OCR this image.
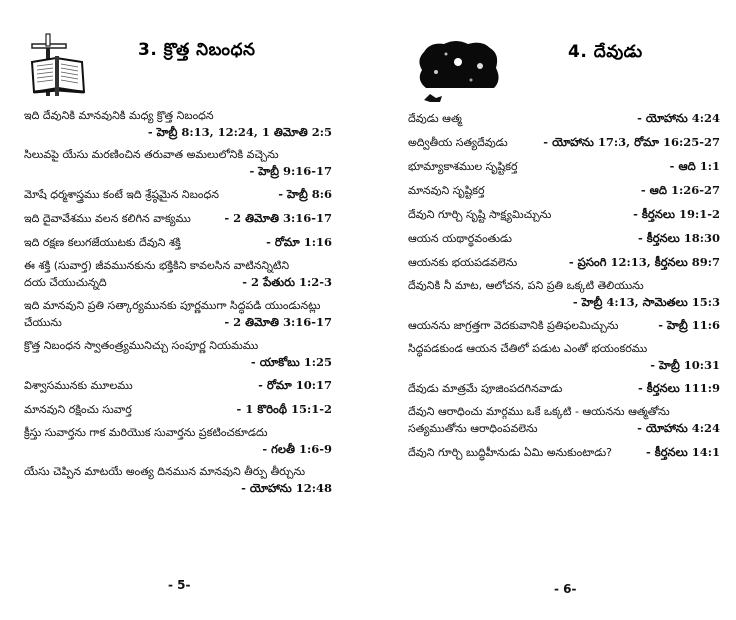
3. క్రొత్త నిబంధన
ఇది దేవునికి మానవునికి మధ్య క్రొత్త నిబంధన
- హెబ్రీ 8:13, 12:24, 1 తిమోతి 2:5
సిలువపై యేసు మరణించిన తరువాత అమలులోనికి వచ్చెను
- హెబ్రీ 9:16-17
మోషే ధర్మశాస్త్రము కంటే ఇది శ్రేష్ఠమైన నిబంధన	- హెబ్రీ 8:6
ఇది దైవావేశము వలన కలిగిన వాక్యము	- 2 తిమోతి 3:16-17
ఇది రక్షణ కలుగజేయుటకు దేవుని శక్తి	- రోమా 1:16
ఈ శక్తి (సువార్త) జీవమునకును భక్తికిని కావలసిన వాటినన్నిటిని
దయ చేయుచున్నది	- 2 పేతురు 1:2-3
ఇది మానవుని ప్రతి సత్కార్యమునకు పూర్ణముగా సిద్ధపడి యుండునట్లు
చేయును	- 2 తిమోతి 3:16-17
క్రొత్త నిబంధన స్వాతంత్ర్యమునిచ్చు సంపూర్ణ నియమము
- యాకోబు 1:25
విశ్వాసమునకు మూలము	- రోమా 10:17
మానవుని రక్షించు సువార్త	- 1 కొరింథీ 15:1-2
క్రీస్తు సువార్తను గాక మరియొక సువార్తను ప్రకటించకూడదు
- గలతీ 1:6-9
యేసు చెప్పిన మాటయే అంత్య దినమున మానవుని తీర్పు తీర్చును
- యోహాను 12:48
- 5-
4. దేవుడు
దేవుడు ఆత్మ	- యోహాను 4:24
అద్వితీయ సత్యదేవుడు	- యోహాను 17:3, రోమా 16:25-27
భూమ్యాకాశముల సృష్టికర్త	- ఆది 1:1
మానవుని సృష్టికర్త	- ఆది 1:26-27
దేవుని గూర్చి సృష్టి సాక్ష్యమిచ్చును	- కీర్తనలు 19:1-2
ఆయన యథార్థవంతుడు	- కీర్తనలు 18:30
ఆయనకు భయపడవలెను	- ప్రసంగి 12:13, కీర్తనలు 89:7
దేవునికి నీ మాట, ఆలోచన, పని ప్రతి ఒక్కటి తెలియును
- హెబ్రీ 4:13, సామెతలు 15:3
ఆయనను జాగ్రత్తగా వెదకువానికి ప్రతిఫలమిచ్చును	- హెబ్రీ 11:6
సిద్ధపడకుండ ఆయన చేతిలో పడుట ఎంతో భయంకరము
- హెబ్రీ 10:31
దేవుడు మాత్రమే పూజింపదగినవాడు	- కీర్తనలు 111:9
దేవుని ఆరాధించు మార్గము ఒకే ఒక్కటి - ఆయనను ఆత్మతోను
సత్యముతోను ఆరాధింపవలెను	- యోహాను 4:24
దేవుని గూర్చి బుద్ధిహీనుడు ఏమి అనుకుంటాడు?	- కీర్తనలు 14:1
- 6-
